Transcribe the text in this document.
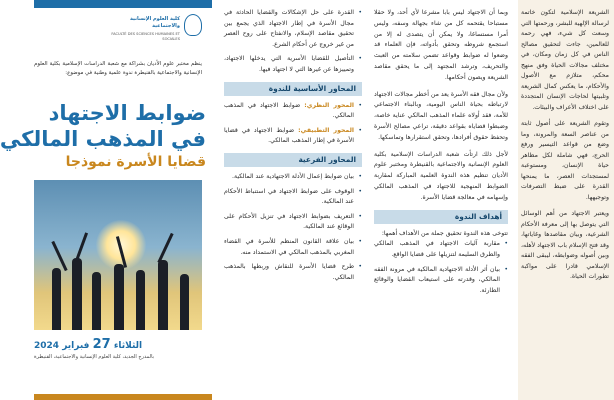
الشريعة الإسلامية لتكون خاتمة لرسالة الإلهية للبشر، ورحمتها التي وسعت كل شيء، فهي رحمة للعالمين، جاءت لتحقيق مصالح الناس في كل زمان ومكان، في مختلف مجالات الحياة وفق منهج محكم، متلازم مع الأصول والأحكام، ما يعكس كمال الشريعة وتلبيتها لحاجات الإنسان المتجددة على اختلاف الأعراف والبيئات.

وتقوم الشريعة على أصول ثابتة من عناصر السعة والمرونة، وما وضع من قواعد التيسير ورفع الحرج، فهي شاملة لكل مظاهر حياة الإنسان، ومستوعبة لمستجدات العصر، ما يمنحها القدرة على ضبط التصرفات وتوجيهها.

ويعتبر الاجتهاد من أهم الوسائل التي يتوصل بها إلى معرفة الأحكام الشرعية، وبيان مقاصدها وغاياتها، وقد فتح الإسلام باب الاجتهاد لأهله، وبين أصوله وضوابطه، ليبقى الفقه الإسلامي قادرا على مواكبة تطورات الحياة.

وبما أن الاجتهاد ليس بابا مشرعا لأي أحد، ولا حقلا مستباحا يقتحمه كل من شاء بجهالة وسفه، وليس أمرا مستساغا، ولا يمكن أن يتصدى له إلا من استجمع شروطه وتحقق بأدواته، فإن العلماء قد وضعوا له ضوابط وقواعد تضمن سلامته من العبث والتحريف، وترشد المجتهد إلى ما يحقق مقاصد الشريعة ويصون أحكامها.

ولأن مجال فقه الأسرة يعد من أخطر مجالات الاجتهاد لارتباطه بحياة الناس اليومية، وبالبناء الاجتماعي للأمة، فقد أولاه علماء المذهب المالكي عناية خاصة، وضبطوا قضاياه بقواعد دقيقة، تراعي مصالح الأسرة وتحفظ حقوق أفرادها، وتحقق استقرارها وتماسكها.

لأجل ذلك ارتأت شعبة الدراسات الإسلامية بكلية العلوم الإنسانية والاجتماعية بالقنيطرة ومختبر علوم الأديان تنظيم هذه الندوة العلمية المباركة لمقاربة الضوابط المنهجية للاجتهاد في المذهب المالكي وإسهامه في معالجة قضايا الأسرة.

أهداف الندوة

تتوخى هذه الندوة تحقيق جملة من الأهداف أهمها:

• مقاربة آليات الاجتهاد في المذهب المالكي والطرق السليمة لتنزيلها على قضايا الواقع.
• بيان أثر الأدلة الاجتهادية المالكية في مرونة الفقه المالكي، وقدرته على استيعاب القضايا والوقائع الطارئة.
• القدرة على حل الإشكالات والقضايا الحادثة في مجال الأسرة في إطار الاجتهاد الذي يجمع بين تحقيق مقاصد الإسلام، والانفتاح على روح العصر من غير خروج عن أحكام الشرع.
• التأصيل للقضايا الأسرية التي يدخلها الاجتهاد، وتمييزها عن غيرها التي لا اجتهاد فيها.
المحاور الأساسية للندوة
• المحور النظري: ضوابط الاجتهاد في المذهب المالكي.
• المحور التطبيقي: ضوابط الاجتهاد في قضايا الأسرة في إطار المذهب المالكي.
المحاور الفرعية
• بيان ضوابط إعمال الأدلة الاجتهادية عند المالكية.
• الوقوف على ضوابط الاجتهاد في استنباط الأحكام عند المالكية.
• التعريف بضوابط الاجتهاد في تنزيل الأحكام على الوقائع عند المالكية.
• بيان علاقة القانون المنظم للأسرة في القضاء المغربي بالمذهب المالكي في الاستمداد منه.
• طرح قضايا الأسرة للنقاش وربطها بالمذهب المالكي.
كلية العلوم الإنسانية والاجتماعية
FACULTÉ DES SCIENCES HUMAINES ET SOCIALES
ينظم مختبر علوم الأديان بشراكة مع شعبة الدراسات الإسلامية بكلية العلوم الإنسانية والاجتماعية بالقنيطرة ندوة علمية وطنية في موضوع:
ضوابط الاجتهاد
في المذهب المالكي
قضايا الأسرة نموذجا
الثلاثاء 27 فبراير 2024
بالمدرج الجديد، كلية العلوم الإنسانية والاجتماعية، القنيطرة
